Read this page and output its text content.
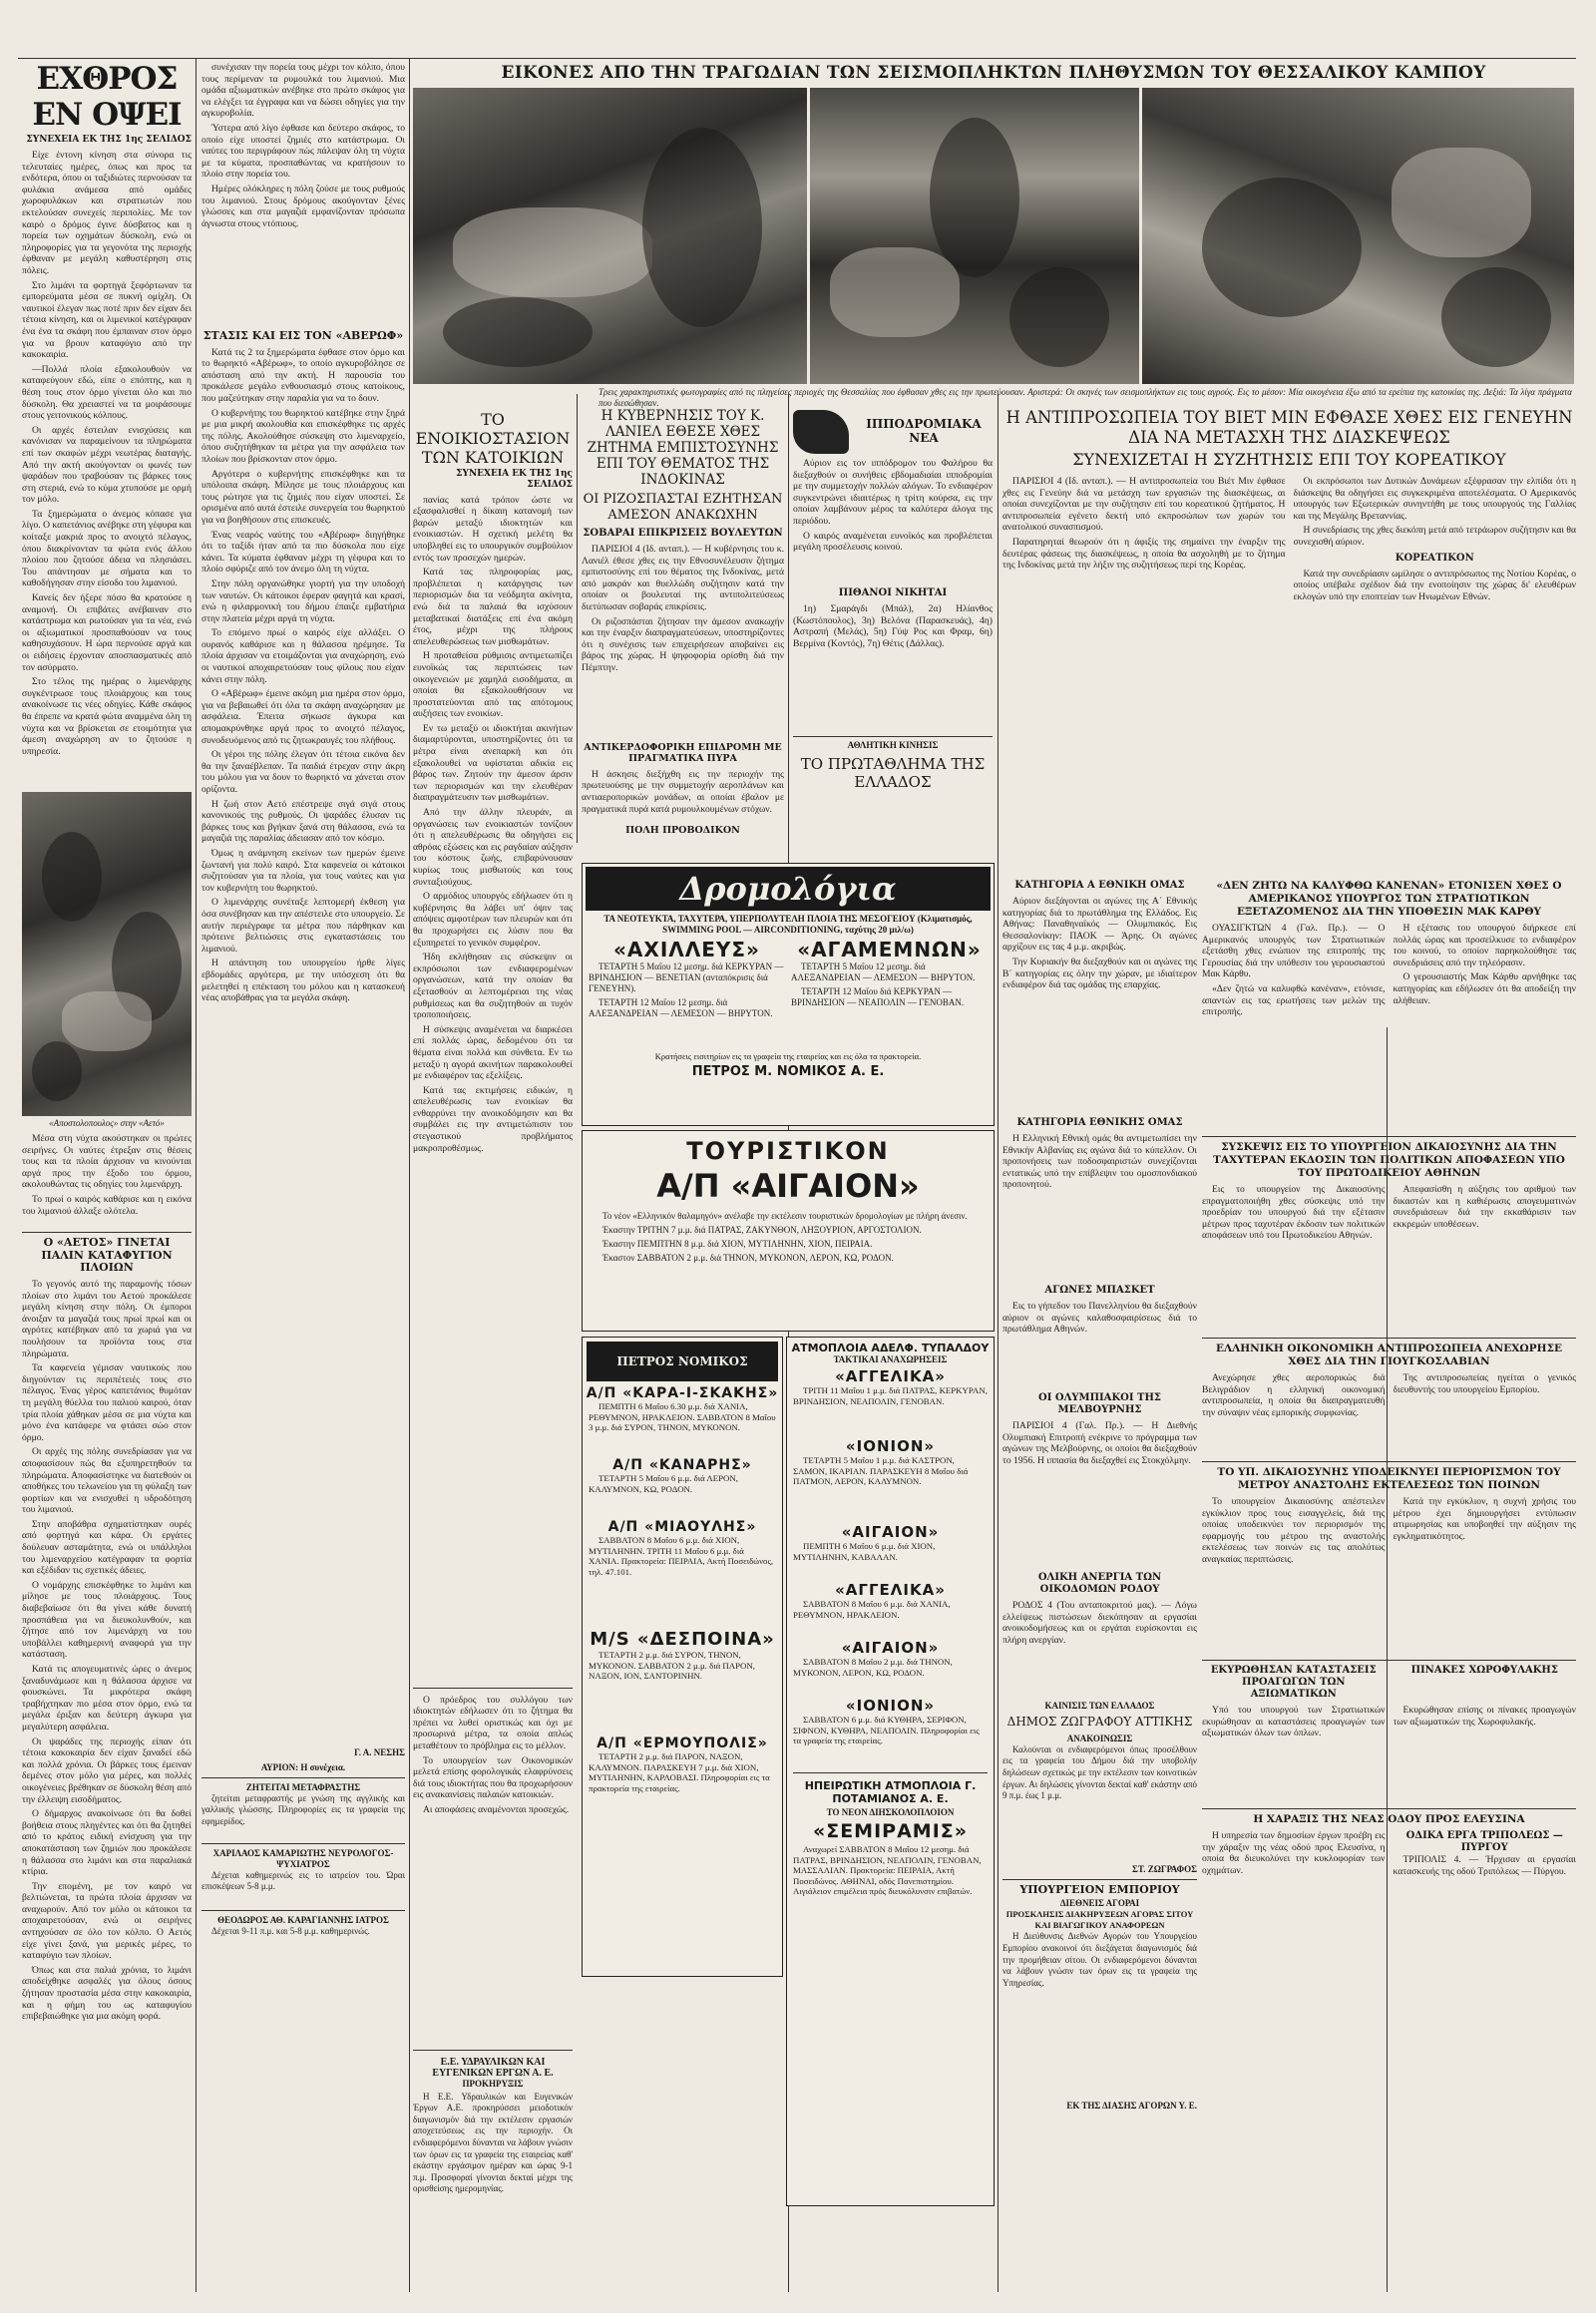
ΕΧΘΡΟΣ ΕΝ ΟΨΕΙ
ΣΥΝΕΧΕΙΑ ΕΚ ΤΗΣ 1ης ΣΕΛΙΔΟΣ

Είχε έντονη κίνηση στα σύνορα τις τελευταίες ημέρες, όπως και προς τα ενδότερα, όπου οι ταξιδιώτες περνούσαν τα φυλάκια ανάμεσα από ομάδες χωροφυλάκων και στρατιωτών που εκτελούσαν συνεχείς περιπολίες. Με τον καιρό ο δρόμος έγινε δύσβατος και η πορεία των οχημάτων δύσκολη, ενώ οι πληροφορίες για τα γεγονότα της περιοχής έφθαναν με μεγάλη καθυστέρηση στις πόλεις.

Στο λιμάνι τα φορτηγά ξεφόρτωναν τα εμπορεύματα μέσα σε πυκνή ομίχλη. Οι ναυτικοί έλεγαν πως ποτέ πριν δεν είχαν δει τέτοια κίνηση, και οι λιμενικοί κατέγραφαν ένα ένα τα σκάφη που έμπαιναν στον όρμο για να βρουν καταφύγιο από την κακοκαιρία.

—Πολλά πλοία εξακολουθούν να καταφεύγουν εδώ, είπε ο επόπτης, και η θέση τους στον όρμο γίνεται όλο και πιο δύσκολη. Θα χρειαστεί να τα μοιράσουμε στους γειτονικούς κόλπους.

Οι αρχές έστειλαν ενισχύσεις και κανόνισαν να παραμείνουν τα πληρώματα επί των σκαφών μέχρι νεωτέρας διαταγής. Από την ακτή ακούγονταν οι φωνές των ψαράδων που τραβούσαν τις βάρκες τους στη στεριά, ενώ το κύμα χτυπούσε με ορμή τον μόλο.

Τα ξημερώματα ο άνεμος κόπασε για λίγο. Ο καπετάνιος ανέβηκε στη γέφυρα και κοίταξε μακριά προς το ανοιχτό πέλαγος, όπου διακρίνονταν τα φώτα ενός άλλου πλοίου που ζητούσε άδεια να πλησιάσει. Του απάντησαν με σήματα και το καθοδήγησαν στην είσοδο του λιμανιού.

Κανείς δεν ήξερε πόσο θα κρατούσε η αναμονή. Οι επιβάτες ανέβαιναν στο κατάστρωμα και ρωτούσαν για τα νέα, ενώ οι αξιωματικοί προσπαθούσαν να τους καθησυχάσουν. Η ώρα περνούσε αργά και οι ειδήσεις έρχονταν αποσπασματικές από τον ασύρματο.

Στο τέλος της ημέρας ο λιμενάρχης συγκέντρωσε τους πλοιάρχους και τους ανακοίνωσε τις νέες οδηγίες. Κάθε σκάφος θα έπρεπε να κρατά φώτα αναμμένα όλη τη νύχτα και να βρίσκεται σε ετοιμότητα για άμεση αναχώρηση αν το ζητούσε η υπηρεσία.

«Αποστολοπουλος» στην «Αετό»

Μέσα στη νύχτα ακούστηκαν οι πρώτες σειρήνες. Οι ναύτες έτρεξαν στις θέσεις τους και τα πλοία άρχισαν να κινούνται αργά προς την έξοδο του όρμου, ακολουθώντας τις οδηγίες του λιμενάρχη.

Το πρωί ο καιρός καθάρισε και η εικόνα του λιμανιού άλλαξε ολότελα.

Ο «ΑΕΤΟΣ» ΓΙΝΕΤΑΙ ΠΑΛΙΝ ΚΑΤΑΦΥΓΙΟΝ ΠΛΟΙΩΝ

Το γεγονός αυτό της παραμονής τόσων πλοίων στο λιμάνι του Αετού προκάλεσε μεγάλη κίνηση στην πόλη. Οι έμποροι άνοιξαν τα μαγαζιά τους πρωί πρωί και οι αγρότες κατέβηκαν από τα χωριά για να πουλήσουν τα προϊόντα τους στα πληρώματα.

Τα καφενεία γέμισαν ναυτικούς που διηγούνταν τις περιπέτειές τους στο πέλαγος. Ένας γέρος καπετάνιος θυμόταν τη μεγάλη θύελλα του παλιού καιρού, όταν τρία πλοία χάθηκαν μέσα σε μια νύχτα και μόνο ένα κατάφερε να φτάσει σώο στον όρμο.

Οι αρχές της πόλης συνεδρίασαν για να αποφασίσουν πώς θα εξυπηρετηθούν τα πληρώματα. Αποφασίστηκε να διατεθούν οι αποθήκες του τελωνείου για τη φύλαξη των φορτίων και να ενισχυθεί η υδροδότηση του λιμανιού.

Στην αποβάθρα σχηματίστηκαν ουρές από φορτηγά και κάρα. Οι εργάτες δούλευαν ασταμάτητα, ενώ οι υπάλληλοι του λιμεναρχείου κατέγραφαν τα φορτία και εξέδιδαν τις σχετικές άδειες.

Ο νομάρχης επισκέφθηκε το λιμάνι και μίλησε με τους πλοιάρχους. Τους διαβεβαίωσε ότι θα γίνει κάθε δυνατή προσπάθεια για να διευκολυνθούν, και ζήτησε από τον λιμενάρχη να του υποβάλλει καθημερινή αναφορά για την κατάσταση.

Κατά τις απογευματινές ώρες ο άνεμος ξαναδυνάμωσε και η θάλασσα άρχισε να φουσκώνει. Τα μικρότερα σκάφη τραβήχτηκαν πιο μέσα στον όρμο, ενώ τα μεγάλα έριξαν και δεύτερη άγκυρα για μεγαλύτερη ασφάλεια.

Οι ψαράδες της περιοχής είπαν ότι τέτοια κακοκαιρία δεν είχαν ξαναδεί εδώ και πολλά χρόνια. Οι βάρκες τους έμειναν δεμένες στον μόλο για μέρες, και πολλές οικογένειες βρέθηκαν σε δύσκολη θέση από την έλλειψη εισοδήματος.

Ο δήμαρχος ανακοίνωσε ότι θα δοθεί βοήθεια στους πληγέντες και ότι θα ζητηθεί από το κράτος ειδική ενίσχυση για την αποκατάσταση των ζημιών που προκάλεσε η θάλασσα στο λιμάνι και στα παραλιακά κτίρια.

Την επομένη, με τον καιρό να βελτιώνεται, τα πρώτα πλοία άρχισαν να αναχωρούν. Από τον μόλο οι κάτοικοι τα αποχαιρετούσαν, ενώ οι σειρήνες αντηχούσαν σε όλο τον κόλπο. Ο Αετός είχε γίνει ξανά, για μερικές μέρες, το καταφύγιο των πλοίων.

Όπως και στα παλιά χρόνια, το λιμάνι αποδείχθηκε ασφαλές για όλους όσους ζήτησαν προστασία μέσα στην κακοκαιρία, και η φήμη του ως καταφυγίου επιβεβαιώθηκε για μια ακόμη φορά.

συνέχισαν την πορεία τους μέχρι τον κόλπο, όπου τους περίμεναν τα ρυμουλκά του λιμανιού. Μια ομάδα αξιωματικών ανέβηκε στο πρώτο σκάφος για να ελέγξει τα έγγραφα και να δώσει οδηγίες για την αγκυροβολία.

Ύστερα από λίγο έφθασε και δεύτερο σκάφος, το οποίο είχε υποστεί ζημιές στο κατάστρωμα. Οι ναύτες του περιγράφουν πώς πάλεψαν όλη τη νύχτα με τα κύματα, προσπαθώντας να κρατήσουν το πλοίο στην πορεία του.

Ημέρες ολόκληρες η πόλη ζούσε με τους ρυθμούς του λιμανιού. Στους δρόμους ακούγονταν ξένες γλώσσες και στα μαγαζιά εμφανίζονταν πρόσωπα άγνωστα στους ντόπιους.

ΣΤΑΣΙΣ ΚΑΙ ΕΙΣ ΤΟΝ «ΑΒΕΡΩΦ»

Κατά τις 2 τα ξημερώματα έφθασε στον όρμο και το θωρηκτό «Αβέρωφ», το οποίο αγκυροβόλησε σε απόσταση από την ακτή. Η παρουσία του προκάλεσε μεγάλο ενθουσιασμό στους κατοίκους, που μαζεύτηκαν στην παραλία για να το δουν.

Ο κυβερνήτης του θωρηκτού κατέβηκε στην ξηρά με μια μικρή ακολουθία και επισκέφθηκε τις αρχές της πόλης. Ακολούθησε σύσκεψη στο λιμεναρχείο, όπου συζητήθηκαν τα μέτρα για την ασφάλεια των πλοίων που βρίσκονταν στον όρμο.

Αργότερα ο κυβερνήτης επισκέφθηκε και τα υπόλοιπα σκάφη. Μίλησε με τους πλοιάρχους και τους ρώτησε για τις ζημιές που είχαν υποστεί. Σε ορισμένα από αυτά έστειλε συνεργεία του θωρηκτού για να βοηθήσουν στις επισκευές.

Ένας νεαρός ναύτης του «Αβέρωφ» διηγήθηκε ότι το ταξίδι ήταν από τα πιο δύσκολα που είχε κάνει. Τα κύματα έφθαναν μέχρι τη γέφυρα και το πλοίο σφύριζε από τον άνεμο όλη τη νύχτα.

Στην πόλη οργανώθηκε γιορτή για την υποδοχή των ναυτών. Οι κάτοικοι έφεραν φαγητά και κρασί, ενώ η φιλαρμονική του δήμου έπαιζε εμβατήρια στην πλατεία μέχρι αργά τη νύχτα.

Το επόμενο πρωί ο καιρός είχε αλλάξει. Ο ουρανός καθάρισε και η θάλασσα ηρέμησε. Τα πλοία άρχισαν να ετοιμάζονται για αναχώρηση, ενώ οι ναυτικοί αποχαιρετούσαν τους φίλους που είχαν κάνει στην πόλη.

Ο «Αβέρωφ» έμεινε ακόμη μια ημέρα στον όρμο, για να βεβαιωθεί ότι όλα τα σκάφη αναχώρησαν με ασφάλεια. Έπειτα σήκωσε άγκυρα και απομακρύνθηκε αργά προς το ανοιχτό πέλαγος, συνοδευόμενος από τις ζητωκραυγές του πλήθους.

Οι γέροι της πόλης έλεγαν ότι τέτοια εικόνα δεν θα την ξαναέβλεπαν. Τα παιδιά έτρεχαν στην άκρη του μόλου για να δουν το θωρηκτό να χάνεται στον ορίζοντα.

Η ζωή στον Αετό επέστρεψε σιγά σιγά στους κανονικούς της ρυθμούς. Οι ψαράδες έλυσαν τις βάρκες τους και βγήκαν ξανά στη θάλασσα, ενώ τα μαγαζιά της παραλίας άδειασαν από τον κόσμο.

Όμως η ανάμνηση εκείνων των ημερών έμεινε ζωντανή για πολύ καιρό. Στα καφενεία οι κάτοικοι συζητούσαν για τα πλοία, για τους ναύτες και για τον κυβερνήτη του θωρηκτού.

Ο λιμενάρχης συνέταξε λεπτομερή έκθεση για όσα συνέβησαν και την απέστειλε στο υπουργείο. Σε αυτήν περιέγραφε τα μέτρα που πάρθηκαν και πρότεινε βελτιώσεις στις εγκαταστάσεις του λιμανιού.

Η απάντηση του υπουργείου ήρθε λίγες εβδομάδες αργότερα, με την υπόσχεση ότι θα μελετηθεί η επέκταση του μόλου και η κατασκευή νέας αποβάθρας για τα μεγάλα σκάφη.

Γ. Α. ΝΕΣΗΣ
ΑΥΡΙΟΝ: Η συνέχεια.
ΖΗΤΕΙΤΑΙ ΜΕΤΑΦΡΑΣΤΗΣ

ζητείται μεταφραστής με γνώση της αγγλικής και γαλλικής γλώσσης. Πληροφορίες εις τα γραφεία της εφημερίδος.

ΧΑΡΙΛΑΟΣ ΚΑΜΑΡΙΩΤΗΣ ΝΕΥΡΟΛΟΓΟΣ-ΨΥΧΙΑΤΡΟΣ

Δέχεται καθημερινώς εις το ιατρείον του. Ώραι επισκέψεων 5-8 μ.μ.

ΘΕΟΔΩΡΟΣ ΑΘ. ΚΑΡΑΓΙΑΝΝΗΣ ΙΑΤΡΟΣ

Δέχεται 9-11 π.μ. και 5-8 μ.μ. καθημερινώς.

ΕΙΚΟΝΕΣ ΑΠΟ ΤΗΝ ΤΡΑΓΩΔΙΑΝ ΤΩΝ ΣΕΙΣΜΟΠΛΗΚΤΩΝ ΠΛΗΘΥΣΜΩΝ ΤΟΥ ΘΕΣΣΑΛΙΚΟΥ ΚΑΜΠΟΥ
Τρεις χαρακτηριστικές φωτογραφίες από τις πληγείσες περιοχές της Θεσσαλίας που έφθασαν χθες εις την πρωτεύουσαν. Αριστερά: Οι σκηνές των σεισμοπλήκτων εις τους αγρούς. Εις το μέσον: Μία οικογένεια έξω από τα ερείπια της κατοικίας της. Δεξιά: Τα λίγα πράγματα που διεσώθησαν.
ΤΟ ΕΝΟΙΚΙΟΣΤΑΣΙΟΝ ΤΩΝ ΚΑΤΟΙΚΙΩΝ
ΣΥΝΕΧΕΙΑ ΕΚ ΤΗΣ 1ης ΣΕΛΙΔΟΣ

πανίας κατά τρόπον ώστε να εξασφαλισθεί η δίκαιη κατανομή των βαρών μεταξύ ιδιοκτητών και ενοικιαστών. Η σχετική μελέτη θα υποβληθεί εις το υπουργικόν συμβούλιον εντός των προσεχών ημερών.

Κατά τας πληροφορίας μας, προβλέπεται η κατάργησις των περιορισμών δια τα νεόδμητα ακίνητα, ενώ διά τα παλαιά θα ισχύσουν μεταβατικαί διατάξεις επί ένα ακόμη έτος, μέχρι της πλήρους απελευθερώσεως των μισθωμάτων.

Η προταθείσα ρύθμισις αντιμετωπίζει ευνοϊκώς τας περιπτώσεις των οικογενειών με χαμηλά εισοδήματα, αι οποίαι θα εξακολουθήσουν να προστατεύονται από τας απότομους αυξήσεις των ενοικίων.

Εν τω μεταξύ οι ιδιοκτήται ακινήτων διαμαρτύρονται, υποστηρίζοντες ότι τα μέτρα είναι ανεπαρκή και ότι εξακολουθεί να υφίσταται αδικία εις βάρος των. Ζητούν την άμεσον άρσιν των περιορισμών και την ελευθέραν διαπραγμάτευσιν των μισθωμάτων.

Από την άλλην πλευράν, αι οργανώσεις των ενοικιαστών τονίζουν ότι η απελευθέρωσις θα οδηγήσει εις αθρόας εξώσεις και εις ραγδαίαν αύξησιν του κόστους ζωής, επιβαρύνουσαν κυρίως τους μισθωτούς και τους συνταξιούχους.

Ο αρμόδιος υπουργός εδήλωσεν ότι η κυβέρνησις θα λάβει υπ' όψιν τας απόψεις αμφοτέρων των πλευρών και ότι θα προχωρήσει εις λύσιν που θα εξυπηρετεί το γενικόν συμφέρον.

Ήδη εκλήθησαν εις σύσκεψιν οι εκπρόσωποι των ενδιαφερομένων οργανώσεων, κατά την οποίαν θα εξετασθούν αι λεπτομέρειαι της νέας ρυθμίσεως και θα συζητηθούν αι τυχόν τροποποιήσεις.

Η σύσκεψις αναμένεται να διαρκέσει επί πολλάς ώρας, δεδομένου ότι τα θέματα είναι πολλά και σύνθετα. Εν τω μεταξύ η αγορά ακινήτων παρακολουθεί με ενδιαφέρον τας εξελίξεις.

Κατά τας εκτιμήσεις ειδικών, η απελευθέρωσις των ενοικίων θα ενθαρρύνει την ανοικοδόμησιν και θα συμβάλει εις την αντιμετώπισιν του στεγαστικού προβλήματος μακροπροθέσμως.

Ο πρόεδρος του συλλόγου των ιδιοκτητών εδήλωσεν ότι το ζήτημα θα πρέπει να λυθεί οριστικώς και όχι με προσωρινά μέτρα, τα οποία απλώς μεταθέτουν το πρόβλημα εις το μέλλον.

Το υπουργείον των Οικονομικών μελετά επίσης φορολογικάς ελαφρύνσεις διά τους ιδιοκτήτας που θα προχωρήσουν εις ανακαινίσεις παλαιών κατοικιών.

Αι αποφάσεις αναμένονται προσεχώς.

Ε.Ε. ΥΔΡΑΥΛΙΚΩΝ ΚΑΙ ΕΥΓΕΝΙΚΩΝ ΕΡΓΩΝ Α. Ε.
ΠΡΟΚΗΡΥΞΙΣ

Η Ε.Ε. Υδραυλικών και Ευγενικών Έργων Α.Ε. προκηρύσσει μειοδοτικόν διαγωνισμόν διά την εκτέλεσιν εργασιών αποχετεύσεως εις την περιοχήν. Οι ενδιαφερόμενοι δύνανται να λάβουν γνώσιν των όρων εις τα γραφεία της εταιρείας καθ' εκάστην εργάσιμον ημέραν και ώρας 9-1 π.μ. Προσφοραί γίνονται δεκταί μέχρι της ορισθείσης ημερομηνίας.

Η ΚΥΒΕΡΝΗΣΙΣ ΤΟΥ Κ. ΛΑΝΙΕΛ ΕΘΕΣΕ ΧΘΕΣ ΖΗΤΗΜΑ ΕΜΠΙΣΤΟΣΥΝΗΣ ΕΠΙ ΤΟΥ ΘΕΜΑΤΟΣ ΤΗΣ ΙΝΔΟΚΙΝΑΣ
ΟΙ ΡΙΖΟΣΠΑΣΤΑΙ ΕΖΗΤΗΣΑΝ ΑΜΕΣΟΝ ΑΝΑΚΩΧΗΝ
ΣΟΒΑΡΑΙ ΕΠΙΚΡΙΣΕΙΣ ΒΟΥΛΕΥΤΩΝ

ΠΑΡΙΣΙΟΙ 4 (Ιδ. ανταπ.). — Η κυβέρνησις του κ. Λανιέλ έθεσε χθες εις την Εθνοσυνέλευσιν ζήτημα εμπιστοσύνης επί του θέματος της Ινδοκίνας, μετά από μακράν και θυελλώδη συζήτησιν κατά την οποίαν οι βουλευταί της αντιπολιτεύσεως διετύπωσαν σοβαράς επικρίσεις.

Οι ριζοσπάσται ζήτησαν την άμεσον ανακωχήν και την έναρξιν διαπραγματεύσεων, υποστηρίζοντες ότι η συνέχισις των επιχειρήσεων αποβαίνει εις βάρος της χώρας. Η ψηφοφορία ορίσθη διά την Πέμπτην.

ΑΝΤΙΚΕΡΔΟΦΟΡΙΚΗ ΕΠΙΔΡΟΜΗ ΜΕ ΠΡΑΓΜΑΤΙΚΑ ΠΥΡΑ

Η άσκησις διεξήχθη εις την περιοχήν της πρωτευούσης με την συμμετοχήν αεροπλάνων και αντιαεροπορικών μονάδων, αι οποίαι έβαλον με πραγματικά πυρά κατά ρυμουλκουμένων στόχων.

ΠΟΛΗ ΠΡΟΒΟΔΙΚΟΝ
Δρομολόγια
ΤΑ ΝΕΟΤΕΥΚΤΑ, ΤΑΧΥΤΕΡΑ, ΥΠΕΡΠΟΛΥΤΕΛΗ ΠΛΟΙΑ ΤΗΣ ΜΕΣΟΓΕΙΟΥ (Κλιματισμός, SWIMMING POOL — AIRCONDITIONING, ταχύτης 20 μιλ/ω)
«ΑΧΙΛΛΕΥΣ»

ΤΕΤΑΡΤΗ 5 Μαΐου 12 μεσημ. διά ΚΕΡΚΥΡΑΝ — ΒΡΙΝΔΗΣΙΟΝ — ΒΕΝΕΤΙΑΝ (ανταπόκρισις διά ΓΕΝΕΥΗΝ).

ΤΕΤΑΡΤΗ 12 Μαΐου 12 μεσημ. διά ΑΛΕΞΑΝΔΡΕΙΑΝ — ΛΕΜΕΣΟΝ — ΒΗΡΥΤΟΝ.

«ΑΓΑΜΕΜΝΩΝ»

ΤΕΤΑΡΤΗ 5 Μαΐου 12 μεσημ. διά ΑΛΕΞΑΝΔΡΕΙΑΝ — ΛΕΜΕΣΟΝ — ΒΗΡΥΤΟΝ.

ΤΕΤΑΡΤΗ 12 Μαΐου διά ΚΕΡΚΥΡΑΝ — ΒΡΙΝΔΗΣΙΟΝ — ΝΕΑΠΟΛΙΝ — ΓΕΝΟΒΑΝ.

Κρατήσεις εισιτηρίων εις τα γραφεία της εταιρείας και εις όλα τα πρακτορεία.
ΠΕΤΡΟΣ Μ. ΝΟΜΙΚΟΣ Α. Ε.
ΤΟΥΡΙΣΤΙΚΟΝ
Α/Π «ΑΙΓΑΙΟΝ»

Το νέον «Ελληνικόν θαλαμηγόν» ανέλαβε την εκτέλεσιν τουριστικών δρομολογίων με πλήρη άνεσιν.

Έκαστην ΤΡΙΤΗΝ 7 μ.μ. διά ΠΑΤΡΑΣ, ΖΑΚΥΝΘΟΝ, ΛΗΞΟΥΡΙΟΝ, ΑΡΓΟΣΤΟΛΙΟΝ.

Έκαστην ΠΕΜΠΤΗΝ 8 μ.μ. διά ΧΙΟΝ, ΜΥΤΙΛΗΝΗΝ, ΧΙΟΝ, ΠΕΙΡΑΙΑ.

Έκαστον ΣΑΒΒΑΤΟΝ 2 μ.μ. διά ΤΗΝΟΝ, ΜΥΚΟΝΟΝ, ΛΕΡΟΝ, ΚΩ, ΡΟΔΟΝ.

ΠΕΤΡΟΣ ΝΟΜΙΚΟΣ
Α/Π «ΚΑΡΑ-Ι-ΣΚΑΚΗΣ»

ΠΕΜΠΤΗ 6 Μαΐου 6.30 μ.μ. διά ΧΑΝΙΑ, ΡΕΘΥΜΝΟΝ, ΗΡΑΚΛΕΙΟΝ. ΣΑΒΒΑΤΟΝ 8 Μαΐου 3 μ.μ. διά ΣΥΡΟΝ, ΤΗΝΟΝ, ΜΥΚΟΝΟΝ.

Α/Π «ΚΑΝΑΡΗΣ»

ΤΕΤΑΡΤΗ 5 Μαΐου 6 μ.μ. διά ΛΕΡΟΝ, ΚΑΛΥΜΝΟΝ, ΚΩ, ΡΟΔΟΝ.

Α/Π «ΜΙΑΟΥΛΗΣ»

ΣΑΒΒΑΤΟΝ 8 Μαΐου 6 μ.μ. διά ΧΙΟΝ, ΜΥΤΙΛΗΝΗΝ. ΤΡΙΤΗ 11 Μαΐου 6 μ.μ. διά ΧΑΝΙΑ. Πρακτορεία: ΠΕΙΡΑΙΑ, Ακτή Ποσειδώνος, τηλ. 47.101.

M/S «ΔΕΣΠΟΙΝΑ»

ΤΕΤΑΡΤΗ 2 μ.μ. διά ΣΥΡΟΝ, ΤΗΝΟΝ, ΜΥΚΟΝΟΝ. ΣΑΒΒΑΤΟΝ 2 μ.μ. διά ΠΑΡΟΝ, ΝΑΞΟΝ, ΙΟΝ, ΣΑΝΤΟΡΙΝΗΝ.

Α/Π «ΕΡΜΟΥΠΟΛΙΣ»

ΤΕΤΑΡΤΗ 2 μ.μ. διά ΠΑΡΟΝ, ΝΑΞΟΝ, ΚΑΛΥΜΝΟΝ. ΠΑΡΑΣΚΕΥΗ 7 μ.μ. διά ΧΙΟΝ, ΜΥΤΙΛΗΝΗΝ, ΚΑΡΛΟΒΑΣΙ. Πληροφορίαι εις τα πρακτορεία της εταιρείας.

ΑΤΜΟΠΛΟΙΑ ΑΔΕΛΦ. ΤΥΠΑΛΔΟΥ
ΤΑΚΤΙΚΑΙ ΑΝΑΧΩΡΗΣΕΙΣ
«ΑΓΓΕΛΙΚΑ»

ΤΡΙΤΗ 11 Μαΐου 1 μ.μ. διά ΠΑΤΡΑΣ, ΚΕΡΚΥΡΑΝ, ΒΡΙΝΔΗΣΙΟΝ, ΝΕΑΠΟΛΙΝ, ΓΕΝΟΒΑΝ.

«ΙΟΝΙΟΝ»

ΤΕΤΑΡΤΗ 5 Μαΐου 1 μ.μ. διά ΚΑΣΤΡΟΝ, ΣΑΜΟΝ, ΙΚΑΡΙΑΝ. ΠΑΡΑΣΚΕΥΗ 8 Μαΐου διά ΠΑΤΜΟΝ, ΛΕΡΟΝ, ΚΑΛΥΜΝΟΝ.

«ΑΙΓΑΙΟΝ»

ΠΕΜΠΤΗ 6 Μαΐου 6 μ.μ. διά ΧΙΟΝ, ΜΥΤΙΛΗΝΗΝ, ΚΑΒΑΛΑΝ.

«ΑΓΓΕΛΙΚΑ»

ΣΑΒΒΑΤΟΝ 8 Μαΐου 6 μ.μ. διά ΧΑΝΙΑ, ΡΕΘΥΜΝΟΝ, ΗΡΑΚΛΕΙΟΝ.

«ΑΙΓΑΙΟΝ»

ΣΑΒΒΑΤΟΝ 8 Μαΐου 2 μ.μ. διά ΤΗΝΟΝ, ΜΥΚΟΝΟΝ, ΛΕΡΟΝ, ΚΩ, ΡΟΔΟΝ.

«ΙΟΝΙΟΝ»

ΣΑΒΒΑΤΟΝ 6 μ.μ. διά ΚΥΘΗΡΑ, ΣΕΡΙΦΟΝ, ΣΙΦΝΟΝ, ΚΥΘΗΡΑ, ΝΕΑΠΟΛΙΝ. Πληροφορίαι εις τα γραφεία της εταιρείας.

ΗΠΕΙΡΩΤΙΚΗ ΑΤΜΟΠΛΟΙΑ Γ. ΠΟΤΑΜΙΑΝΟΣ Α. Ε.
ΤΟ ΝΕΟΝ ΔΙΗΣΚΟΛΟΠΛΟΙΟΝ
«ΣΕΜΙΡΑΜΙΣ»

Αναχωρεί ΣΑΒΒΑΤΟΝ 8 Μαΐου 12 μεσημ. διά ΠΑΤΡΑΣ, ΒΡΙΝΔΗΣΙΟΝ, ΝΕΑΠΟΛΙΝ, ΓΕΝΟΒΑΝ, ΜΑΣΣΑΛΙΑΝ. Πρακτορεία: ΠΕΙΡΑΙΑ, Ακτή Ποσειδώνος. ΑΘΗΝΑΙ, οδός Πανεπιστημίου. Αιγιάλειον επιμέλεια πρός διευκόλυνσιν επιβατών.

ΙΠΠΟΔΡΟΜΙΑΚΑ ΝΕΑ

Αύριον εις τον ιππόδρομον του Φαλήρου θα διεξαχθούν οι συνήθεις εβδομαδιαίαι ιπποδρομίαι με την συμμετοχήν πολλών αλόγων. Το ενδιαφέρον συγκεντρώνει ιδιαιτέρως η τρίτη κούρσα, εις την οποίαν λαμβάνουν μέρος τα καλύτερα άλογα της περιόδου.

Ο καιρός αναμένεται ευνοϊκός και προβλέπεται μεγάλη προσέλευσις κοινού.

ΠΙΘΑΝΟΙ ΝΙΚΗΤΑΙ

1η) Σμαράγδι (Μπάλ), 2α) Ηλίανθος (Κωστόπουλος), 3η) Βελόνα (Παρασκευάς), 4η) Αστραπή (Μελάς), 5η) Γύψ Ρος και Φραμ, 6η) Βερμίνα (Κοντός), 7η) Θέτις (Δάλλας).

ΑΘΛΗΤΙΚΗ ΚΙΝΗΣΙΣ
ΤΟ ΠΡΩΤΑΘΛΗΜΑ ΤΗΣ ΕΛΛΑΔΟΣ
ΚΑΤΗΓΟΡΙΑ Α ΕΘΝΙΚΗ ΟΜΑΣ

Αύριον διεξάγονται οι αγώνες της Α΄ Εθνικής κατηγορίας διά το πρωτάθλημα της Ελλάδος. Εις Αθήνας: Παναθηναϊκός — Ολυμπιακός. Εις Θεσσαλονίκην: ΠΑΟΚ — Άρης. Οι αγώνες αρχίζουν εις τας 4 μ.μ. ακριβώς.

Την Κυριακήν θα διεξαχθούν και οι αγώνες της Β΄ κατηγορίας εις όλην την χώραν, με ιδιαίτερον ενδιαφέρον διά τας ομάδας της επαρχίας.

ΚΑΤΗΓΟΡΙΑ ΕΘΝΙΚΗΣ ΟΜΑΣ

Η Ελληνική Εθνική ομάς θα αντιμετωπίσει την Εθνικήν Αλβανίας εις αγώνα διά το κύπελλον. Οι προπονήσεις των ποδοσφαιριστών συνεχίζονται εντατικώς υπό την επίβλεψιν του ομοσπονδιακού προπονητού.

ΑΓΩΝΕΣ ΜΠΑΣΚΕΤ

Εις το γήπεδον του Πανελληνίου θα διεξαχθούν αύριον οι αγώνες καλαθοσφαιρίσεως διά το πρωτάθλημα Αθηνών.

ΟΙ ΟΛΥΜΠΙΑΚΟΙ ΤΗΣ ΜΕΛΒΟΥΡΝΗΣ

ΠΑΡΙΣΙΟΙ 4 (Γαλ. Πρ.). — Η Διεθνής Ολυμπιακή Επιτροπή ενέκρινε το πρόγραμμα των αγώνων της Μελβούρνης, οι οποίοι θα διεξαχθούν το 1956. Η ιππασία θα διεξαχθεί εις Στοκχόλμην.

ΟΛΙΚΗ ΑΝΕΡΓΙΑ ΤΩΝ ΟΙΚΟΔΟΜΩΝ ΡΟΔΟΥ

ΡΟΔΟΣ 4 (Του ανταποκριτού μας). — Λόγω ελλείψεως πιστώσεων διεκόπησαν αι εργασίαι ανοικοδομήσεως και οι εργάται ευρίσκονται εις πλήρη ανεργίαν.

ΚΑΙΝΙΣΙΣ ΤΩΝ ΕΛΛΑΔΟΣ
ΔΗΜΟΣ ΖΩΓΡΑΦΟΥ ΑΤΤΙΚΗΣ
ΑΝΑΚΟΙΝΩΣΙΣ

Καλούνται οι ενδιαφερόμενοι όπως προσέλθουν εις τα γραφεία του Δήμου διά την υποβολήν δηλώσεων σχετικώς με την εκτέλεσιν των κοινοτικών έργων. Αι δηλώσεις γίνονται δεκταί καθ' εκάστην από 9 π.μ. έως 1 μ.μ.

ΣΤ. ΖΩΓΡΑΦΟΣ
ΥΠΟΥΡΓΕΙΟΝ ΕΜΠΟΡΙΟΥ
ΔΙΕΘΝΕΙΣ ΑΓΟΡΑΙ
ΠΡΟΣΚΛΗΣΙΣ ΔΙΑΚΗΡΥΞΕΩΝ ΑΓΟΡΑΣ ΣΙΤΟΥ ΚΑΙ ΒΙΑΓΩΓΙΚΟΥ ΑΝΑΦΟΡΕΩΝ

Η Διεύθυνσις Διεθνών Αγορών του Υπουργείου Εμπορίου ανακοινοί ότι διεξάγεται διαγωνισμός διά την προμήθειαν σίτου. Οι ενδιαφερόμενοι δύνανται να λάβουν γνώσιν των όρων εις τα γραφεία της Υπηρεσίας.

ΕΚ ΤΗΣ ΔΙΑΣΗΣ ΑΓΟΡΩΝ Υ. Ε.
Η ΑΝΤΙΠΡΟΣΩΠΕΙΑ ΤΟΥ ΒΙΕΤ ΜΙΝ ΕΦΘΑΣΕ ΧΘΕΣ ΕΙΣ ΓΕΝΕΥΗΝ ΔΙΑ ΝΑ ΜΕΤΑΣΧΗ ΤΗΣ ΔΙΑΣΚΕΨΕΩΣ
ΣΥΝΕΧΙΖΕΤΑΙ Η ΣΥΖΗΤΗΣΙΣ ΕΠΙ ΤΟΥ ΚΟΡΕΑΤΙΚΟΥ

ΠΑΡΙΣΙΟΙ 4 (Ιδ. ανταπ.). — Η αντιπροσωπεία του Βιέτ Μιν έφθασε χθες εις Γενεύην διά να μετάσχη των εργασιών της διασκέψεως, αι οποίαι συνεχίζονται με την συζήτησιν επί του κορεατικού ζητήματος. Η αντιπροσωπεία εγένετο δεκτή υπό εκπροσώπων των χωρών του ανατολικού συνασπισμού.

Παρατηρηταί θεωρούν ότι η άφιξίς της σημαίνει την έναρξιν της δευτέρας φάσεως της διασκέψεως, η οποία θα ασχοληθή με το ζήτημα της Ινδοκίνας μετά την λήξιν της συζητήσεως περί της Κορέας.

Οι εκπρόσωποι των Δυτικών Δυνάμεων εξέφρασαν την ελπίδα ότι η διάσκεψις θα οδηγήσει εις συγκεκριμένα αποτελέσματα. Ο Αμερικανός υπουργός των Εξωτερικών συνηντήθη με τους υπουργούς της Γαλλίας και της Μεγάλης Βρεταννίας.

Η συνεδρίασις της χθες διεκόπη μετά από τετράωρον συζήτησιν και θα συνεχισθή αύριον.

ΚΟΡΕΑΤΙΚΟΝ

Κατά την συνεδρίασιν ωμίλησε ο αντιπρόσωπος της Νοτίου Κορέας, ο οποίος υπέβαλε σχέδιον διά την ενοποίησιν της χώρας δι' ελευθέρων εκλογών υπό την εποπτείαν των Ηνωμένων Εθνών.

«ΔΕΝ ΖΗΤΩ ΝΑ ΚΑΛΥΦΘΩ ΚΑΝΕΝΑΝ» ΕΤΟΝΙΣΕΝ ΧΘΕΣ Ο ΑΜΕΡΙΚΑΝΟΣ ΥΠΟΥΡΓΟΣ ΤΩΝ ΣΤΡΑΤΙΩΤΙΚΩΝ ΕΞΕΤΑΖΟΜΕΝΟΣ ΔΙΑ ΤΗΝ ΥΠΟΘΕΣΙΝ ΜΑΚ ΚΑΡΘΥ

ΟΥΑΣΙΓΚΤΩΝ 4 (Γαλ. Πρ.). — Ο Αμερικανός υπουργός των Στρατιωτικών εξετάσθη χθες ενώπιον της επιτροπής της Γερουσίας διά την υπόθεσιν του γερουσιαστού Μακ Κάρθυ.

«Δεν ζητώ να καλυφθώ κανέναν», ετόνισε, απαντών εις τας ερωτήσεις των μελών της επιτροπής.

Η εξέτασις του υπουργού διήρκεσε επί πολλάς ώρας και προσείλκυσε το ενδιαφέρον του κοινού, το οποίον παρηκολούθησε τας συνεδριάσεις από την τηλεόρασιν.

Ο γερουσιαστής Μακ Κάρθυ αρνήθηκε τας κατηγορίας και εδήλωσεν ότι θα αποδείξη την αλήθειαν.

ΣΥΣΚΕΨΙΣ ΕΙΣ ΤΟ ΥΠΟΥΡΓΕΙΟΝ ΔΙΚΑΙΟΣΥΝΗΣ ΔΙΑ ΤΗΝ ΤΑΧΥΤΕΡΑΝ ΕΚΔΟΣΙΝ ΤΩΝ ΠΟΛΙΤΙΚΩΝ ΑΠΟΦΑΣΕΩΝ ΥΠΟ ΤΟΥ ΠΡΩΤΟΔΙΚΕΙΟΥ ΑΘΗΝΩΝ

Εις το υπουργείον της Δικαιοσύνης επραγματοποιήθη χθες σύσκεψις υπό την προεδρίαν του υπουργού διά την εξέτασιν μέτρων προς ταχυτέραν έκδοσιν των πολιτικών αποφάσεων υπό του Πρωτοδικείου Αθηνών.

Απεφασίσθη η αύξησις του αριθμού των δικαστών και η καθιέρωσις απογευματινών συνεδριάσεων διά την εκκαθάρισιν των εκκρεμών υποθέσεων.

ΕΛΛΗΝΙΚΗ ΟΙΚΟΝΟΜΙΚΗ ΑΝΤΙΠΡΟΣΩΠΕΙΑ ΑΝΕΧΩΡΗΣΕ ΧΘΕΣ ΔΙΑ ΤΗΝ ΓΙΟΥΓΚΟΣΛΑΒΙΑΝ

Ανεχώρησε χθες αεροπορικώς διά Βελιγράδιον η ελληνική οικονομική αντιπροσωπεία, η οποία θα διαπραγματευθή την σύναψιν νέας εμπορικής συμφωνίας.

Της αντιπροσωπείας ηγείται ο γενικός διευθυντής του υπουργείου Εμπορίου.

ΤΟ ΥΠ. ΔΙΚΑΙΟΣΥΝΗΣ ΥΠΟΔΕΙΚΝΥΕΙ ΠΕΡΙΟΡΙΣΜΟΝ ΤΟΥ ΜΕΤΡΟΥ ΑΝΑΣΤΟΛΗΣ ΕΚΤΕΛΕΣΕΩΣ ΤΩΝ ΠΟΙΝΩΝ

Το υπουργείον Δικαιοσύνης απέστειλεν εγκύκλιον προς τους εισαγγελείς, διά της οποίας υποδεικνύει τον περιορισμόν της εφαρμογής του μέτρου της αναστολής εκτελέσεως των ποινών εις τας απολύτως αναγκαίας περιπτώσεις.

Κατά την εγκύκλιον, η συχνή χρήσις του μέτρου έχει δημιουργήσει εντύπωσιν ατιμωρησίας και υποβοηθεί την αύξησιν της εγκληματικότητος.

ΕΚΥΡΩΘΗΣΑΝ ΚΑΤΑΣΤΑΣΕΙΣ ΠΡΟΑΓΩΓΩΝ ΤΩΝ ΑΞΙΩΜΑΤΙΚΩΝ
ΠΙΝΑΚΕΣ ΧΩΡΟΦΥΛΑΚΗΣ

Υπό του υπουργού των Στρατιωτικών εκυρώθησαν αι καταστάσεις προαγωγών των αξιωματικών όλων των όπλων.

Εκυρώθησαν επίσης οι πίνακες προαγωγών των αξιωματικών της Χωροφυλακής.

Η ΧΑΡΑΞΙΣ ΤΗΣ ΝΕΑΣ ΟΔΟΥ ΠΡΟΣ ΕΛΕΥΣΙΝΑ

Η υπηρεσία των δημοσίων έργων προέβη εις την χάραξιν της νέας οδού προς Ελευσίνα, η οποία θα διευκολύνει την κυκλοφορίαν των οχημάτων.

ΟΔΙΚΑ ΕΡΓΑ ΤΡΙΠΟΛΕΩΣ — ΠΥΡΓΟΥ

ΤΡΙΠΟΛΙΣ 4. — Ήρχισαν αι εργασίαι κατασκευής της οδού Τριπόλεως — Πύργου.
